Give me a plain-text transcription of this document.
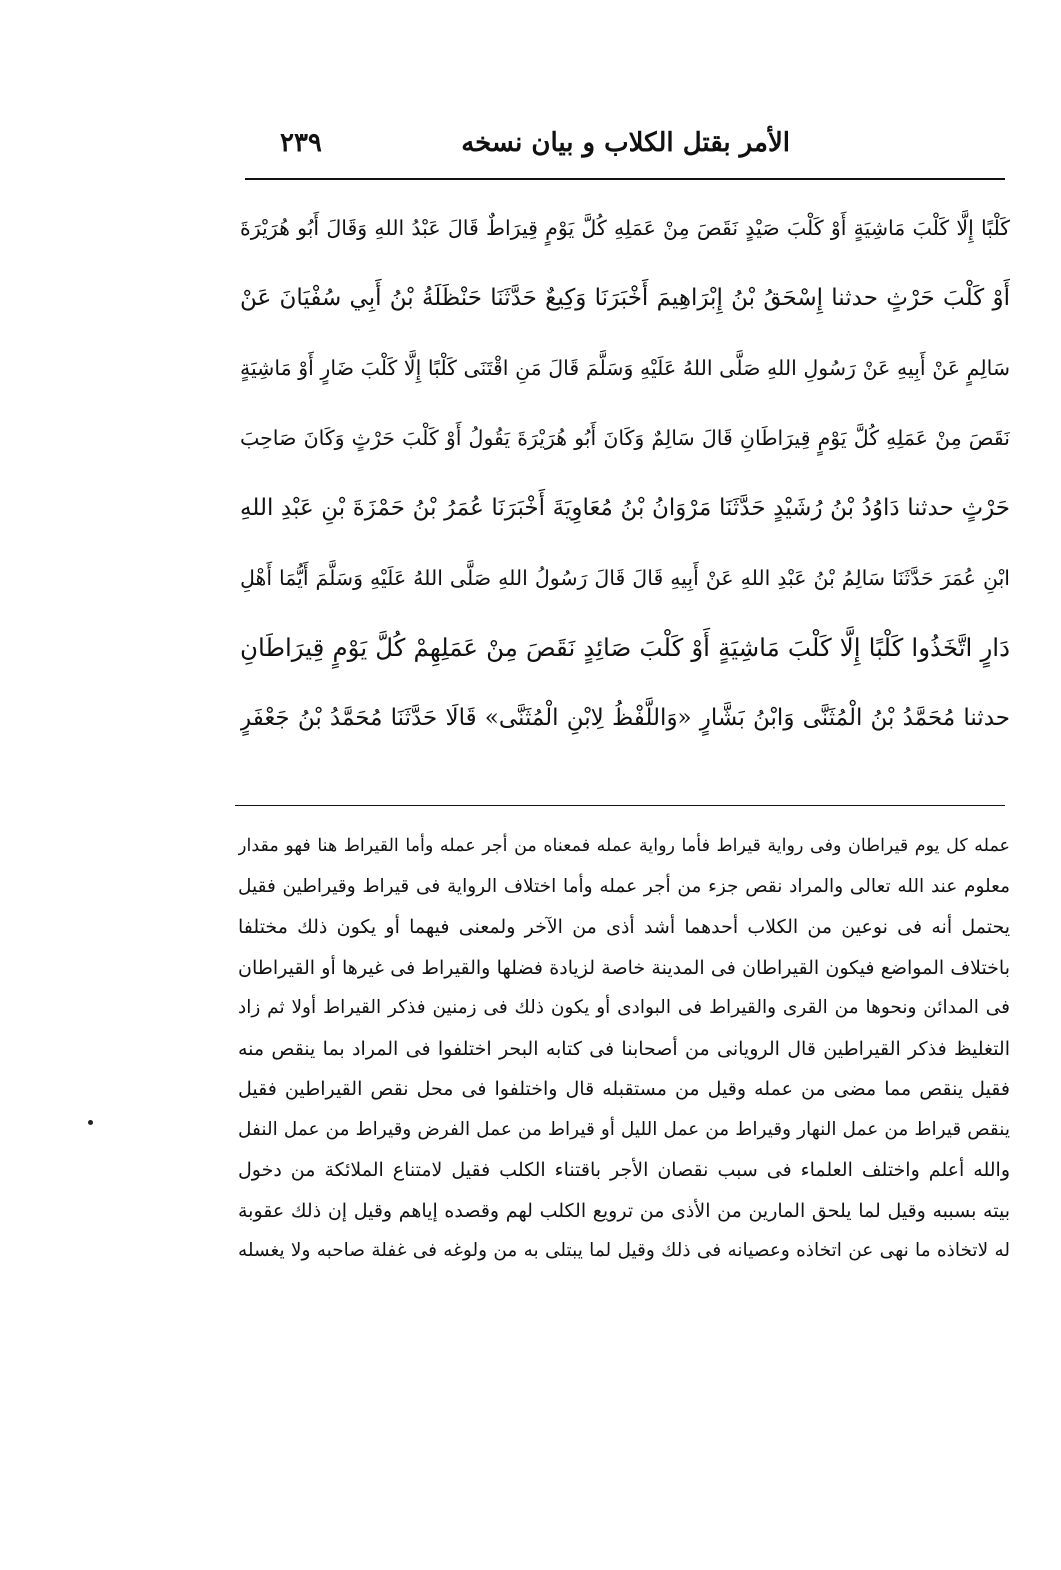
الأمر بقتل الكلاب و بيان نسخه
٢٣٩
كَلْبًا إِلَّا كَلْبَ مَاشِيَةٍ أَوْ كَلْبَ صَيْدٍ نَقَصَ مِنْ عَمَلِهِ كُلَّ يَوْمٍ قِيرَاطٌ قَالَ عَبْدُ اللهِ وَقَالَ أَبُو هُرَيْرَةَ
أَوْ كَلْبَ حَرْثٍ حدثنا إِسْحَقُ بْنُ إِبْرَاهِيمَ أَخْبَرَنَا وَكِيعٌ حَدَّثَنَا حَنْظَلَةُ بْنُ أَبِي سُفْيَانَ عَنْ
سَالِمٍ عَنْ أَبِيهِ عَنْ رَسُولِ اللهِ صَلَّى اللهُ عَلَيْهِ وَسَلَّمَ قَالَ مَنِ اقْتَنَى كَلْبًا إِلَّا كَلْبَ ضَارٍ أَوْ مَاشِيَةٍ
نَقَصَ مِنْ عَمَلِهِ كُلَّ يَوْمٍ قِيرَاطَانِ قَالَ سَالِمٌ وَكَانَ أَبُو هُرَيْرَةَ يَقُولُ أَوْ كَلْبَ حَرْثٍ وَكَانَ صَاحِبَ
حَرْثٍ حدثنا دَاوُدُ بْنُ رُشَيْدٍ حَدَّثَنَا مَرْوَانُ بْنُ مُعَاوِيَةَ أَخْبَرَنَا عُمَرُ بْنُ حَمْزَةَ بْنِ عَبْدِ اللهِ
ابْنِ عُمَرَ حَدَّثَنَا سَالِمُ بْنُ عَبْدِ اللهِ عَنْ أَبِيهِ قَالَ قَالَ رَسُولُ اللهِ صَلَّى اللهُ عَلَيْهِ وَسَلَّمَ أَيُّمَا أَهْلِ
دَارٍ اتَّخَذُوا كَلْبًا إِلَّا كَلْبَ مَاشِيَةٍ أَوْ كَلْبَ صَائِدٍ نَقَصَ مِنْ عَمَلِهِمْ كُلَّ يَوْمٍ قِيرَاطَانِ
حدثنا مُحَمَّدُ بْنُ الْمُثَنَّى وَابْنُ بَشَّارٍ «وَاللَّفْظُ لِابْنِ الْمُثَنَّى» قَالَا حَدَّثَنَا مُحَمَّدُ بْنُ جَعْفَرٍ
عمله كل يوم قيراطان وفى رواية قيراط فأما رواية عمله فمعناه من أجر عمله وأما القيراط هنا فهو مقدار
معلوم عند الله تعالى والمراد نقص جزء من أجر عمله وأما اختلاف الرواية فى قيراط وقيراطين فقيل
يحتمل أنه فى نوعين من الكلاب أحدهما أشد أذى من الآخر ولمعنى فيهما أو يكون ذلك مختلفا
باختلاف المواضع فيكون القيراطان فى المدينة خاصة لزيادة فضلها والقيراط فى غيرها أو القيراطان
فى المدائن ونحوها من القرى والقيراط فى البوادى أو يكون ذلك فى زمنين فذكر القيراط أولا ثم زاد
التغليظ فذكر القيراطين قال الرويانى من أصحابنا فى كتابه البحر اختلفوا فى المراد بما ينقص منه
فقيل ينقص مما مضى من عمله وقيل من مستقبله قال واختلفوا فى محل نقص القيراطين فقيل
ينقص قيراط من عمل النهار وقيراط من عمل الليل أو قيراط من عمل الفرض وقيراط من عمل النفل
والله أعلم واختلف العلماء فى سبب نقصان الأجر باقتناء الكلب فقيل لامتناع الملائكة من دخول
بيته بسببه وقيل لما يلحق المارين من الأذى من ترويع الكلب لهم وقصده إياهم وقيل إن ذلك عقوبة
له لاتخاذه ما نهى عن اتخاذه وعصيانه فى ذلك وقيل لما يبتلى به من ولوغه فى غفلة صاحبه ولا يغسله
